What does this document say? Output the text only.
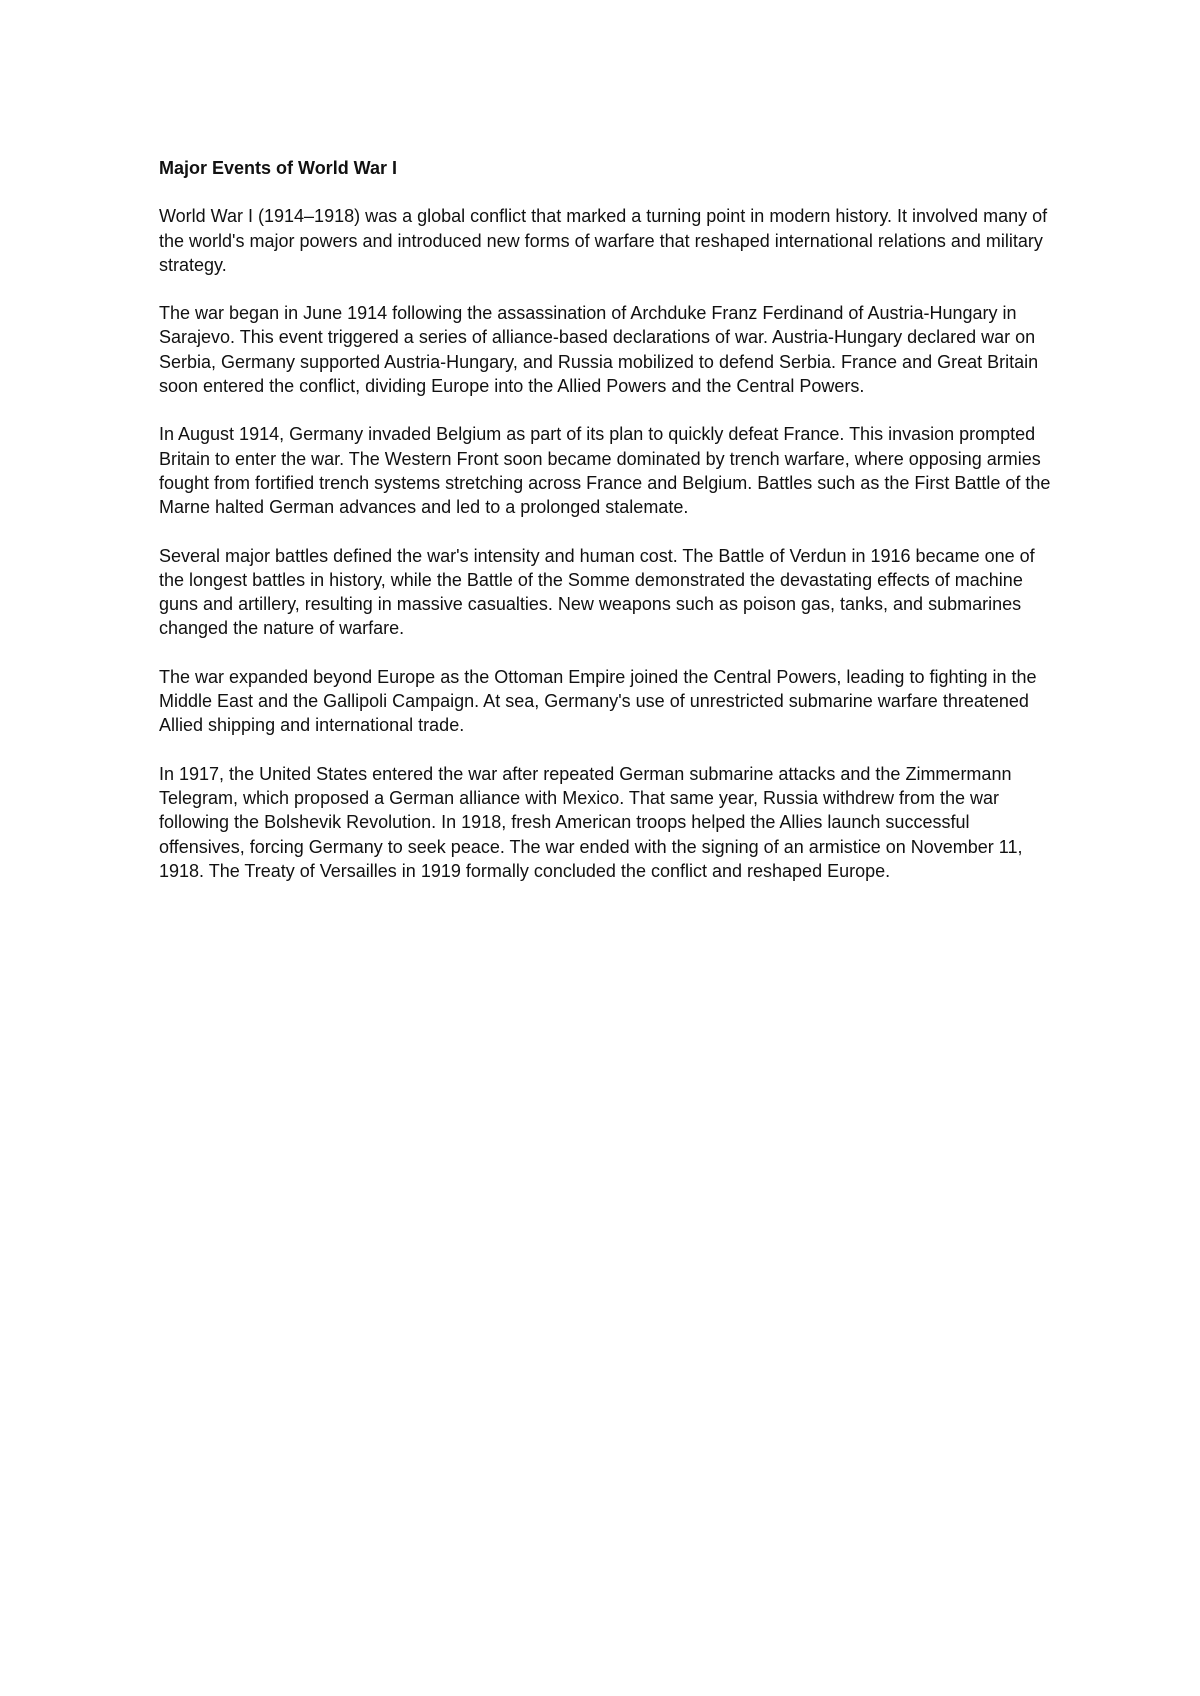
Major Events of World War I

World War I (1914–1918) was a global conflict that marked a turning point in modern history. It involved many of the world's major powers and introduced new forms of warfare that reshaped international relations and military strategy.

The war began in June 1914 following the assassination of Archduke Franz Ferdinand of Austria-Hungary in Sarajevo. This event triggered a series of alliance-based declarations of war. Austria-Hungary declared war on Serbia, Germany supported Austria-Hungary, and Russia mobilized to defend Serbia. France and Great Britain soon entered the conflict, dividing Europe into the Allied Powers and the Central Powers.

In August 1914, Germany invaded Belgium as part of its plan to quickly defeat France. This invasion prompted Britain to enter the war. The Western Front soon became dominated by trench warfare, where opposing armies fought from fortified trench systems stretching across France and Belgium. Battles such as the First Battle of the Marne halted German advances and led to a prolonged stalemate.

Several major battles defined the war's intensity and human cost. The Battle of Verdun in 1916 became one of the longest battles in history, while the Battle of the Somme demonstrated the devastating effects of machine guns and artillery, resulting in massive casualties. New weapons such as poison gas, tanks, and submarines changed the nature of warfare.

The war expanded beyond Europe as the Ottoman Empire joined the Central Powers, leading to fighting in the Middle East and the Gallipoli Campaign. At sea, Germany's use of unrestricted submarine warfare threatened Allied shipping and international trade.

In 1917, the United States entered the war after repeated German submarine attacks and the Zimmermann Telegram, which proposed a German alliance with Mexico. That same year, Russia withdrew from the war following the Bolshevik Revolution. In 1918, fresh American troops helped the Allies launch successful offensives, forcing Germany to seek peace. The war ended with the signing of an armistice on November 11, 1918. The Treaty of Versailles in 1919 formally concluded the conflict and reshaped Europe.
